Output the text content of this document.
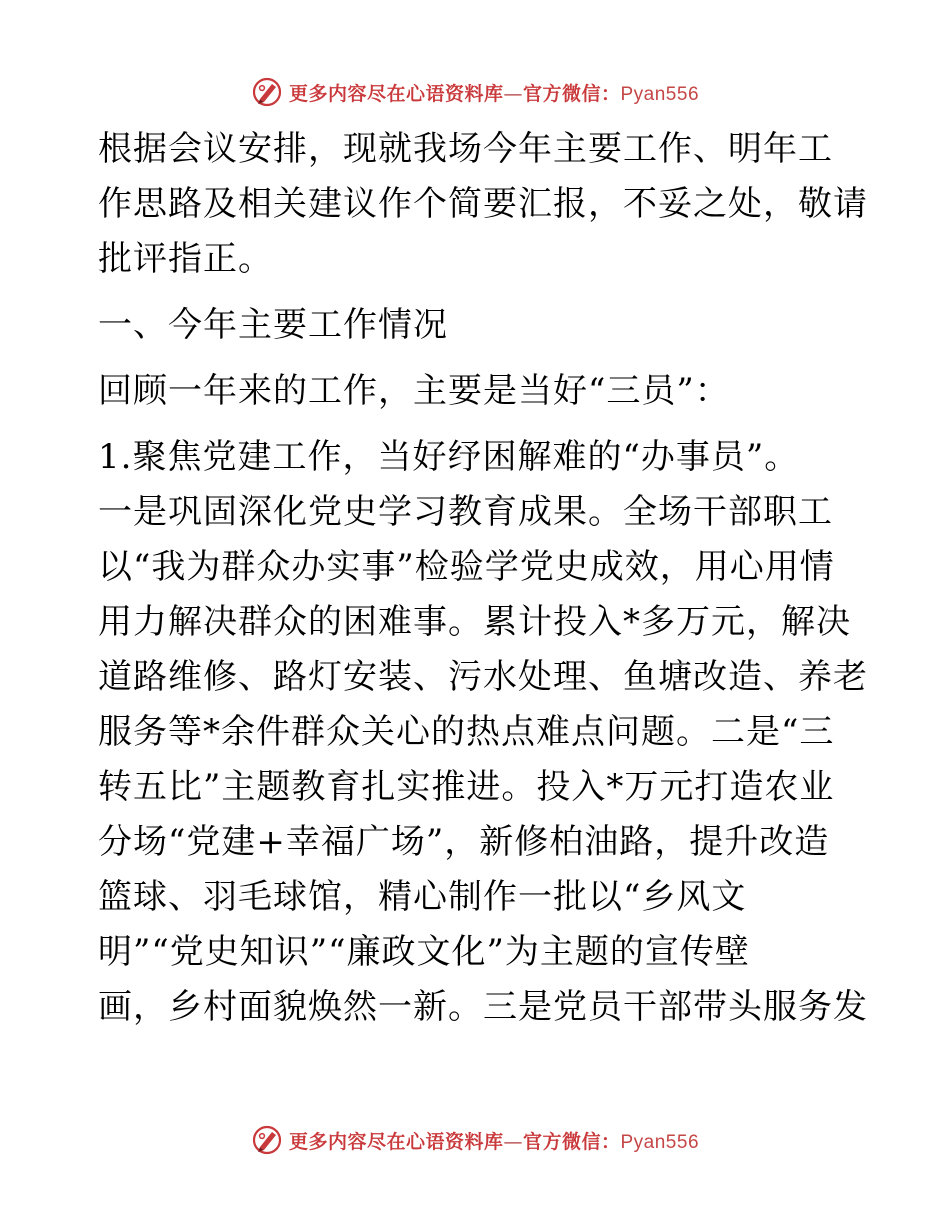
更多内容尽在心语资料库—官方微信：Pyan556
根据会议安排，现就我场今年主要工作、明年工
作思路及相关建议作个简要汇报，不妥之处，敬请
批评指正。
一、今年主要工作情况
回顾一年来的工作，主要是当好“三员”：
1.聚焦党建工作，当好纾困解难的“办事员”。
一是巩固深化党史学习教育成果。全场干部职工
以“我为群众办实事”检验学党史成效，用心用情
用力解决群众的困难事。累计投入*多万元，解决
道路维修、路灯安装、污水处理、鱼塘改造、养老
服务等*余件群众关心的热点难点问题。二是“三
转五比”主题教育扎实推进。投入*万元打造农业
分场“党建+幸福广场”，新修柏油路，提升改造
篮球、羽毛球馆，精心制作一批以“乡风文
明”“党史知识”“廉政文化”为主题的宣传壁
画，乡村面貌焕然一新。三是党员干部带头服务发
更多内容尽在心语资料库—官方微信：Pyan556
